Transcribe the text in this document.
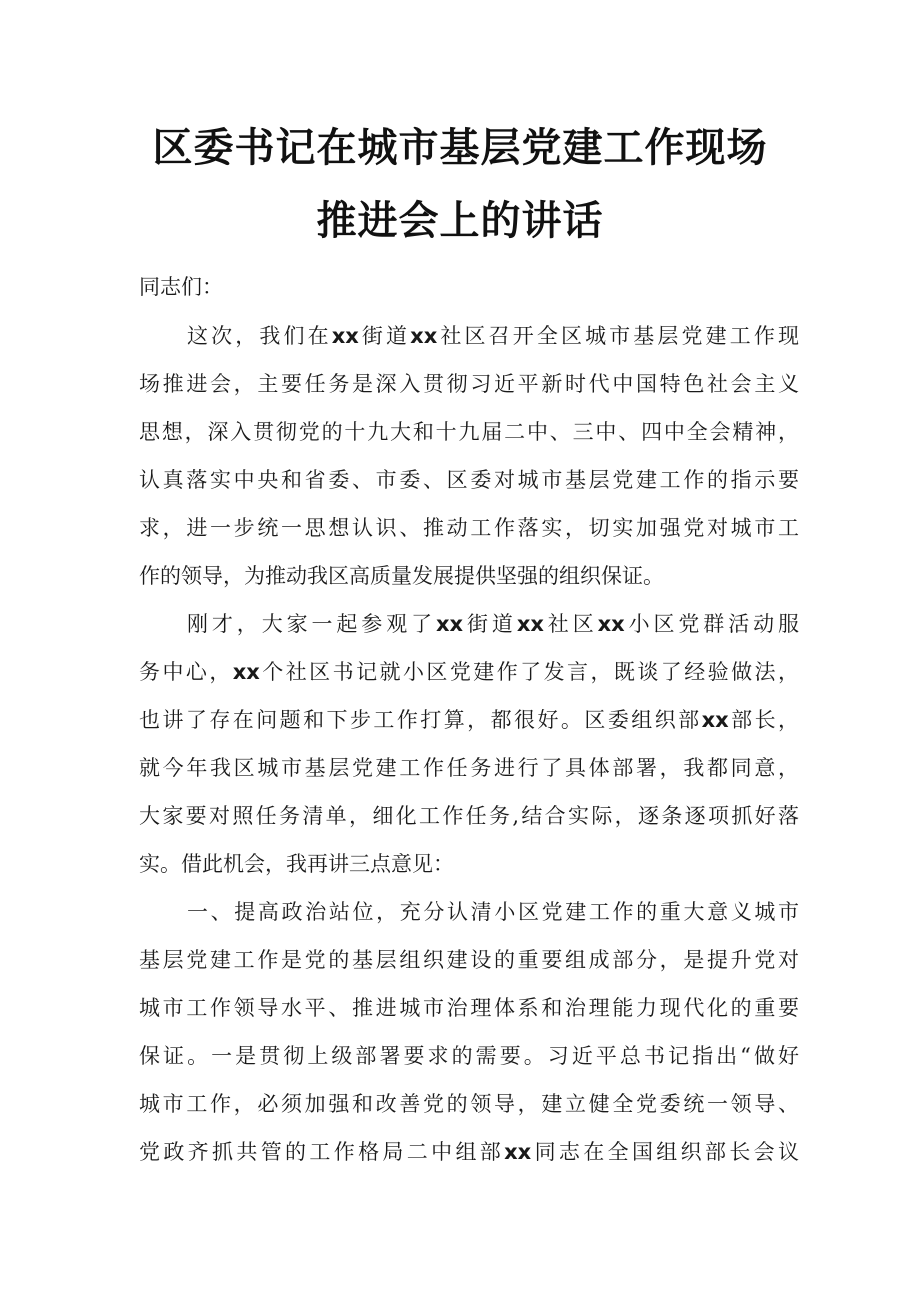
区委书记在城市基层党建工作现场
推进会上的讲话
同志们：
这次，我们在xx街道xx社区召开全区城市基层党建工作现
场推进会，主要任务是深入贯彻习近平新时代中国特色社会主义
思想，深入贯彻党的十九大和十九届二中、三中、四中全会精神，
认真落实中央和省委、市委、区委对城市基层党建工作的指示要
求，进一步统一思想认识、推动工作落实，切实加强党对城市工
作的领导，为推动我区高质量发展提供坚强的组织保证。
刚才，大家一起参观了xx街道xx社区xx小区党群活动服
务中心，xx个社区书记就小区党建作了发言，既谈了经验做法，
也讲了存在问题和下步工作打算，都很好。区委组织部xx部长，
就今年我区城市基层党建工作任务进行了具体部署，我都同意，
大家要对照任务清单，细化工作任务,结合实际，逐条逐项抓好落
实。借此机会，我再讲三点意见：
一、提高政治站位，充分认清小区党建工作的重大意义城市
基层党建工作是党的基层组织建设的重要组成部分，是提升党对
城市工作领导水平、推进城市治理体系和治理能力现代化的重要
保证。一是贯彻上级部署要求的需要。习近平总书记指出“做好
城市工作，必须加强和改善党的领导，建立健全党委统一领导、
党政齐抓共管的工作格局二中组部xx同志在全国组织部长会议
